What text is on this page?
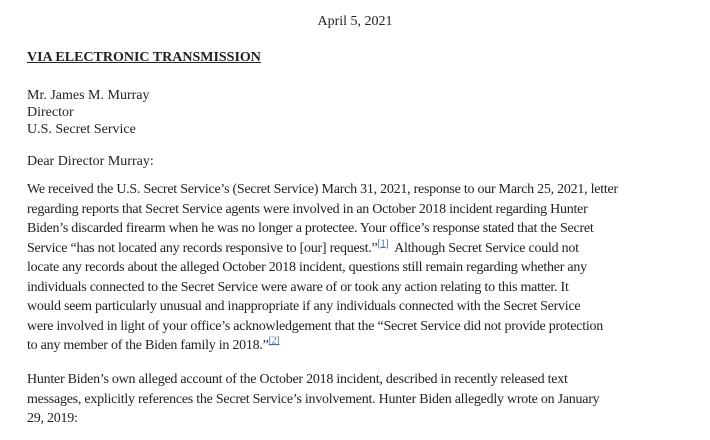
April 5, 2021
VIA ELECTRONIC TRANSMISSION
Mr. James M. Murray
Director
U.S. Secret Service
Dear Director Murray:
We received the U.S. Secret Service’s (Secret Service) March 31, 2021, response to our March 25, 2021, letter
regarding reports that Secret Service agents were involved in an October 2018 incident regarding Hunter
Biden’s discarded firearm when he was no longer a protectee. Your office’s response stated that the Secret
Service “has not located any records responsive to [our] request.”[1]  Although Secret Service could not
locate any records about the alleged October 2018 incident, questions still remain regarding whether any
individuals connected to the Secret Service were aware of or took any action relating to this matter. It
would seem particularly unusual and inappropriate if any individuals connected with the Secret Service
were involved in light of your office’s acknowledgement that the “Secret Service did not provide protection
to any member of the Biden family in 2018.”[2]
Hunter Biden’s own alleged account of the October 2018 incident, described in recently released text
messages, explicitly references the Secret Service’s involvement. Hunter Biden allegedly wrote on January
29, 2019:
